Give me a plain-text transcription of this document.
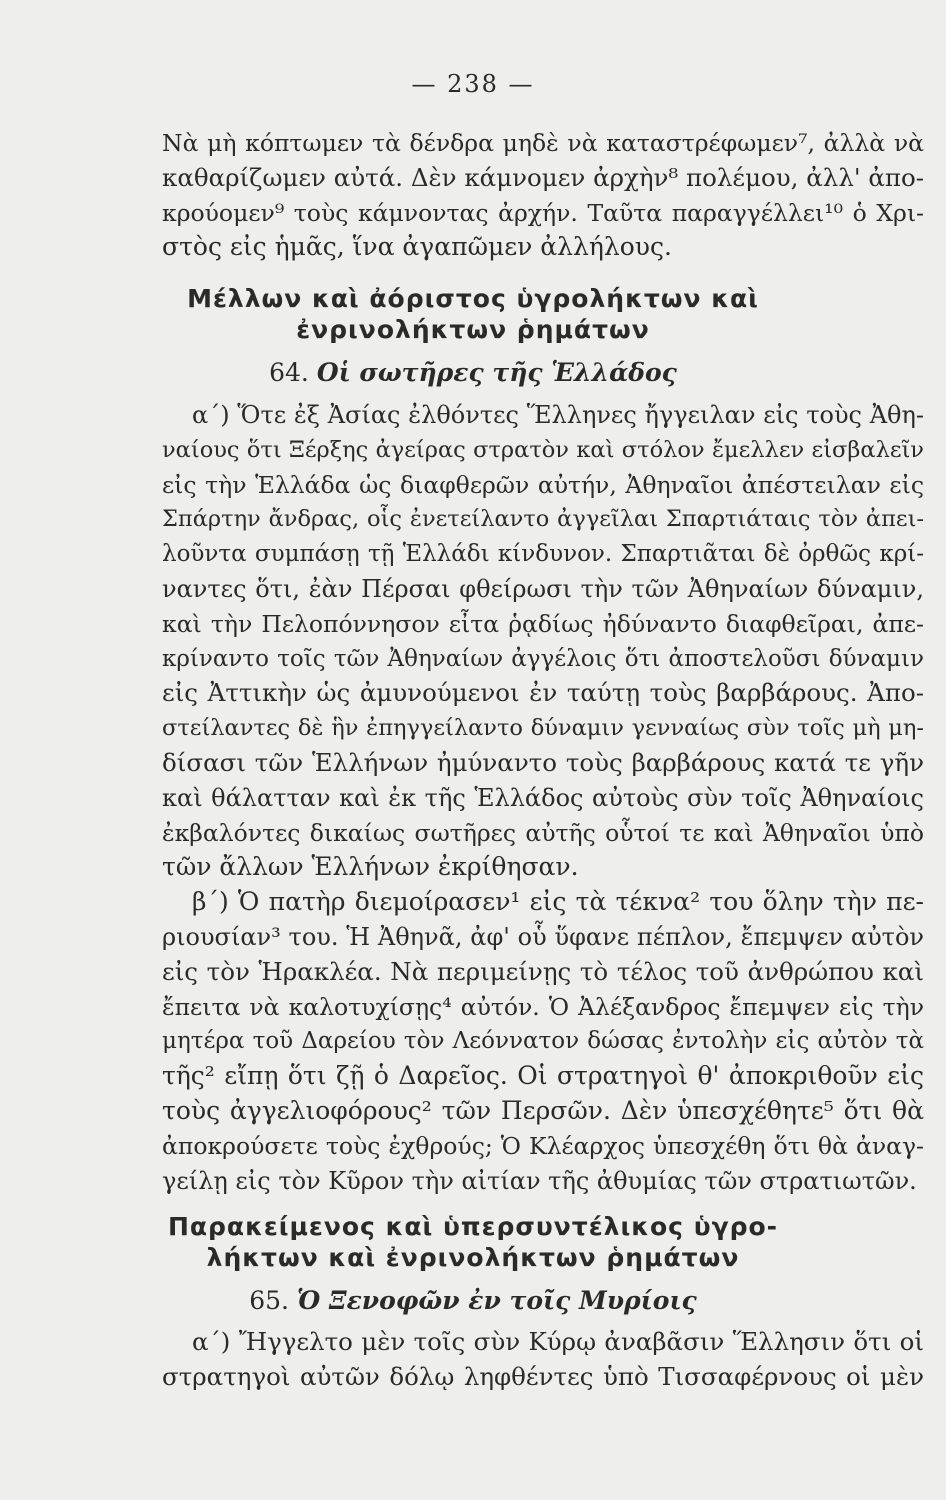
— 238 —
Νὰ μὴ κόπτωμεν τὰ δένδρα μηδὲ νὰ καταστρέφωμεν⁷, ἀλλὰ νὰ
καθαρίζωμεν αὐτά. Δὲν κάμνομεν ἀρχὴν⁸ πολέμου, ἀλλ' ἀπο-
κρούομεν⁹ τοὺς κάμνοντας ἀρχήν. Ταῦτα παραγγέλλει¹⁰ ὁ Χρι-
στὸς εἰς ἡμᾶς, ἵνα ἀγαπῶμεν ἀλλήλους.
Μέλλων καὶ ἀόριστος ὑγρολήκτων καὶ
ἐνρινολήκτων ῥημάτων
64. Οἱ σωτῆρες τῆς Ἑλλάδος
α΄) Ὅτε ἐξ Ἀσίας ἐλθόντες Ἕλληνες ἤγγειλαν εἰς τοὺς Ἀθη-
ναίους ὅτι Ξέρξης ἀγείρας στρατὸν καὶ στόλον ἔμελλεν εἰσβαλεῖν
εἰς τὴν Ἑλλάδα ὡς διαφθερῶν αὐτήν, Ἀθηναῖοι ἀπέστειλαν εἰς
Σπάρτην ἄνδρας, οἷς ἐνετείλαντο ἀγγεῖλαι Σπαρτιάταις τὸν ἀπει-
λοῦντα συμπάσῃ τῇ Ἑλλάδι κίνδυνον. Σπαρτιᾶται δὲ ὀρθῶς κρί-
ναντες ὅτι, ἐὰν Πέρσαι φθείρωσι τὴν τῶν Ἀθηναίων δύναμιν,
καὶ τὴν Πελοπόννησον εἶτα ῥᾳδίως ἠδύναντο διαφθεῖραι, ἀπε-
κρίναντο τοῖς τῶν Ἀθηναίων ἀγγέλοις ὅτι ἀποστελοῦσι δύναμιν
εἰς Ἀττικὴν ὡς ἀμυνούμενοι ἐν ταύτῃ τοὺς βαρβάρους. Ἀπο-
στείλαντες δὲ ἣν ἐπηγγείλαντο δύναμιν γενναίως σὺν τοῖς μὴ μη-
δίσασι τῶν Ἑλλήνων ἠμύναντο τοὺς βαρβάρους κατά τε γῆν
καὶ θάλατταν καὶ ἐκ τῆς Ἑλλάδος αὐτοὺς σὺν τοῖς Ἀθηναίοις
ἐκβαλόντες δικαίως σωτῆρες αὐτῆς οὗτοί τε καὶ Ἀθηναῖοι ὑπὸ
τῶν ἄλλων Ἑλλήνων ἐκρίθησαν.
β΄) Ὁ πατὴρ διεμοίρασεν¹ εἰς τὰ τέκνα² του ὅλην τὴν πε-
ριουσίαν³ του. Ἡ Ἀθηνᾶ, ἀφ' οὗ ὕφανε πέπλον, ἔπεμψεν αὐτὸν
εἰς τὸν Ἡρακλέα. Νὰ περιμείνῃς τὸ τέλος τοῦ ἀνθρώπου καὶ
ἔπειτα νὰ καλοτυχίσῃς⁴ αὐτόν. Ὁ Ἀλέξανδρος ἔπεμψεν εἰς τὴν
μητέρα τοῦ Δαρείου τὸν Λεόννατον δώσας ἐντολὴν εἰς αὐτὸν τὰ
τῆς² εἴπῃ ὅτι ζῇ ὁ Δαρεῖος. Οἱ στρατηγοὶ θ' ἀποκριθοῦν εἰς
τοὺς ἀγγελιοφόρους² τῶν Περσῶν. Δὲν ὑπεσχέθητε⁵ ὅτι θὰ
ἀποκρούσετε τοὺς ἐχθρούς; Ὁ Κλέαρχος ὑπεσχέθη ὅτι θὰ ἀναγ-
γείλῃ εἰς τὸν Κῦρον τὴν αἰτίαν τῆς ἀθυμίας τῶν στρατιωτῶν.
Παρακείμενος καὶ ὑπερσυντέλικος ὑγρο-
λήκτων καὶ ἐνρινολήκτων ῥημάτων
65. Ὁ Ξενοφῶν ἐν τοῖς Μυρίοις
α΄) Ἤγγελτο μὲν τοῖς σὺν Κύρῳ ἀναβᾶσιν Ἕλλησιν ὅτι οἱ
στρατηγοὶ αὐτῶν δόλῳ ληφθέντες ὑπὸ Τισσαφέρνους οἱ μὲν
